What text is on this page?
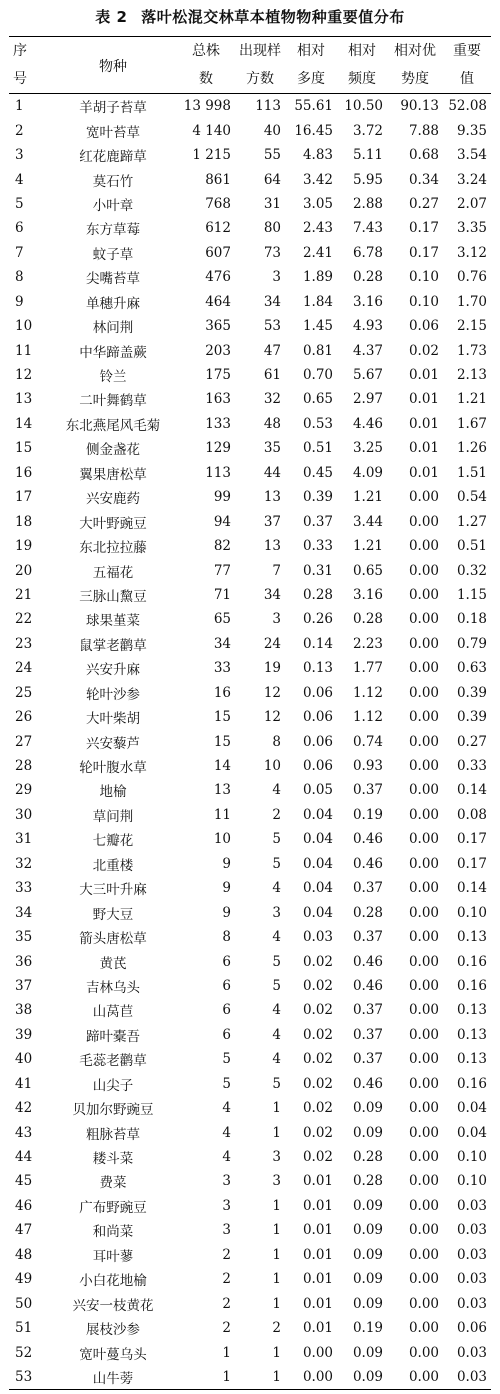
表 2 落叶松混交林草本植物物种重要值分布
序		总株	出现样	相对	相对	相对优	重要
号	物种	数	方数	多度	频度	势度	值
1	羊胡子苔草	13 998	113	55.61	10.50	90.13	52.08
2	宽叶苔草	4 140	40	16.45	3.72	7.88	9.35
3	红花鹿蹄草	1 215	55	4.83	5.11	0.68	3.54
4	莫石竹	861	64	3.42	5.95	0.34	3.24
5	小叶章	768	31	3.05	2.88	0.27	2.07
6	东方草莓	612	80	2.43	7.43	0.17	3.35
7	蚊子草	607	73	2.41	6.78	0.17	3.12
8	尖嘴苔草	476	3	1.89	0.28	0.10	0.76
9	单穗升麻	464	34	1.84	3.16	0.10	1.70
10	林问荆	365	53	1.45	4.93	0.06	2.15
11	中华蹄盖蕨	203	47	0.81	4.37	0.02	1.73
12	铃兰	175	61	0.70	5.67	0.01	2.13
13	二叶舞鹤草	163	32	0.65	2.97	0.01	1.21
14	东北燕尾风毛菊	133	48	0.53	4.46	0.01	1.67
15	侧金盏花	129	35	0.51	3.25	0.01	1.26
16	翼果唐松草	113	44	0.45	4.09	0.01	1.51
17	兴安鹿药	99	13	0.39	1.21	0.00	0.54
18	大叶野豌豆	94	37	0.37	3.44	0.00	1.27
19	东北拉拉藤	82	13	0.33	1.21	0.00	0.51
20	五福花	77	7	0.31	0.65	0.00	0.32
21	三脉山黧豆	71	34	0.28	3.16	0.00	1.15
22	球果堇菜	65	3	0.26	0.28	0.00	0.18
23	鼠掌老鹳草	34	24	0.14	2.23	0.00	0.79
24	兴安升麻	33	19	0.13	1.77	0.00	0.63
25	轮叶沙参	16	12	0.06	1.12	0.00	0.39
26	大叶柴胡	15	12	0.06	1.12	0.00	0.39
27	兴安藜芦	15	8	0.06	0.74	0.00	0.27
28	轮叶腹水草	14	10	0.06	0.93	0.00	0.33
29	地榆	13	4	0.05	0.37	0.00	0.14
30	草问荆	11	2	0.04	0.19	0.00	0.08
31	七瓣花	10	5	0.04	0.46	0.00	0.17
32	北重楼	9	5	0.04	0.46	0.00	0.17
33	大三叶升麻	9	4	0.04	0.37	0.00	0.14
34	野大豆	9	3	0.04	0.28	0.00	0.10
35	箭头唐松草	8	4	0.03	0.37	0.00	0.13
36	黄芪	6	5	0.02	0.46	0.00	0.16
37	吉林乌头	6	5	0.02	0.46	0.00	0.16
38	山莴苣	6	4	0.02	0.37	0.00	0.13
39	蹄叶橐吾	6	4	0.02	0.37	0.00	0.13
40	毛蕊老鹳草	5	4	0.02	0.37	0.00	0.13
41	山尖子	5	5	0.02	0.46	0.00	0.16
42	贝加尔野豌豆	4	1	0.02	0.09	0.00	0.04
43	粗脉苔草	4	1	0.02	0.09	0.00	0.04
44	耧斗菜	4	3	0.02	0.28	0.00	0.10
45	费菜	3	3	0.01	0.28	0.00	0.10
46	广布野豌豆	3	1	0.01	0.09	0.00	0.03
47	和尚菜	3	1	0.01	0.09	0.00	0.03
48	耳叶蓼	2	1	0.01	0.09	0.00	0.03
49	小白花地榆	2	1	0.01	0.09	0.00	0.03
50	兴安一枝黄花	2	1	0.01	0.09	0.00	0.03
51	展枝沙参	2	2	0.01	0.19	0.00	0.06
52	宽叶蔓乌头	1	1	0.00	0.09	0.00	0.03
53	山牛蒡	1	1	0.00	0.09	0.00	0.03
